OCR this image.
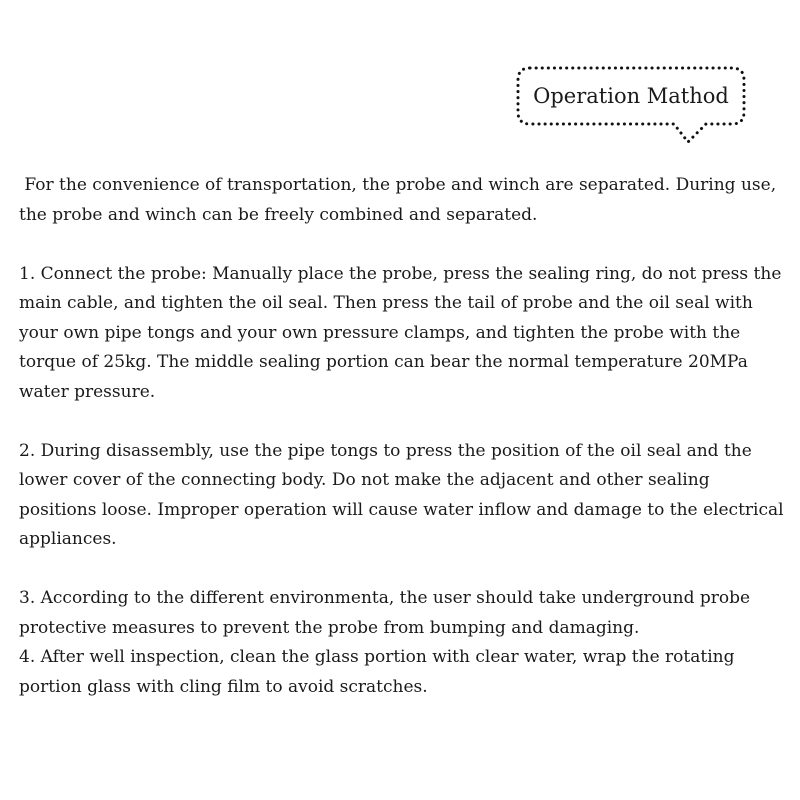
Operation Mathod

For the convenience of transportation, the probe and winch are separated. During use, the probe and winch can be freely combined and separated.

1. Connect the probe: Manually place the probe, press the sealing ring, do not press the main cable, and tighten the oil seal. Then press the tail of probe and the oil seal with your own pipe tongs and your own pressure clamps, and tighten the probe with the torque of 25kg. The middle sealing portion can bear the normal temperature 20MPa water pressure.

2. During disassembly, use the pipe tongs to press the position of the oil seal and the lower cover of the connecting body. Do not make the adjacent and other sealing positions loose. Improper operation will cause water inflow and damage to the electrical appliances.

3. According to the different environmenta, the user should take underground probe protective measures to prevent the probe from bumping and damaging.

4. After well inspection, clean the glass portion with clear water, wrap the rotating portion glass with cling film to avoid scratches.
